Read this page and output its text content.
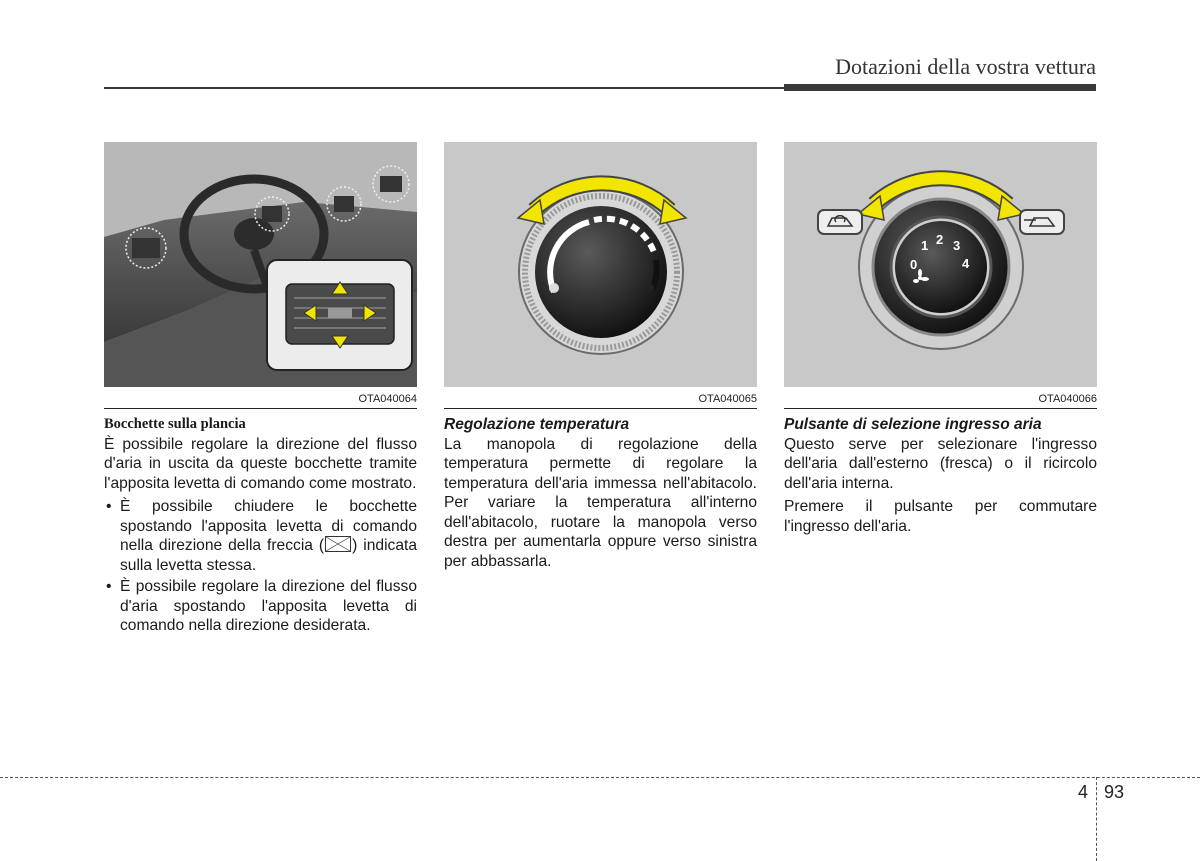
Dotazioni della vostra vettura
OTA040064
Bocchette sulla plancia

È possibile regolare la direzione del flusso d'aria in uscita da queste bocchette tramite l'apposita levetta di comando come mostrato.

• È possibile chiudere le bocchette spostando l'apposita levetta di comando nella direzione della freccia ( ) indicata sulla levetta stessa.
• È possibile regolare la direzione del flusso d'aria spostando l'apposita levetta di comando nella direzione desiderata.
OTA040065
Regolazione temperatura

La manopola di regolazione della temperatura permette di regolare la temperatura dell'aria immessa nell'abitacolo. Per variare la temperatura all'interno dell'abitacolo, ruotare la manopola verso destra per aumentarla oppure verso sinistra per abbassarla.

0
1 2 3
4
OTA040066
Pulsante di selezione ingresso aria

Questo serve per selezionare l'ingresso dell'aria dall'esterno (fresca) o il ricircolo dell'aria interna.

Premere il pulsante per commutare l'ingresso dell'aria.

4 93
